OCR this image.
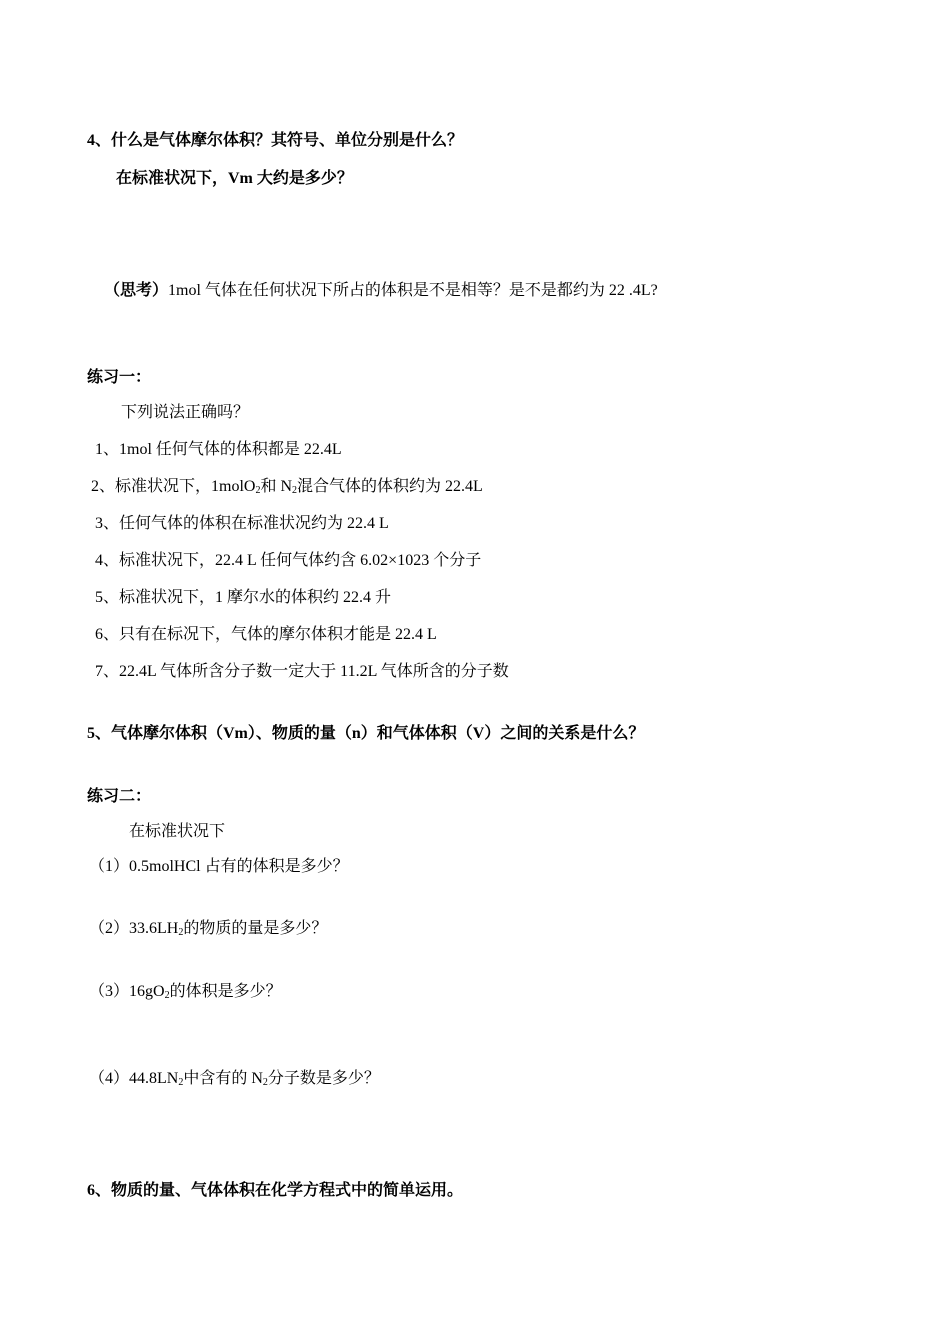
4、什么是气体摩尔体积？其符号、单位分别是什么？
在标准状况下，Vm 大约是多少？
（思考）1mol 气体在任何状况下所占的体积是不是相等？是不是都约为 22 .4L?
练习一：
下列说法正确吗？
1、1mol 任何气体的体积都是 22.4L
2、标准状况下，1molO$_2$和 $N_2$混合气体的体积约为 22.4L
3、任何气体的体积在标准状况约为 22.4 L
4、标准状况下，22.4 L 任何气体约含 6.02×1023 个分子
5、标准状况下，1 摩尔水的体积约 22.4 升
6、只有在标况下，气体的摩尔体积才能是 22.4 L
7、22.4L 气体所含分子数一定大于 11.2L 气体所含的分子数
5、气体摩尔体积（Vm）、物质的量（n）和气体体积（V）之间的关系是什么？
练习二：
在标准状况下
（1）0.5molHCl 占有的体积是多少？
$(2)33.6LH_2$的物质的量是多少？
$(3)16gO_2$的体积是多少？
$(4)44.8LN_2$中含有的 $N_2$分子数是多少？
6、物质的量、气体体积在化学方程式中的简单运用。
